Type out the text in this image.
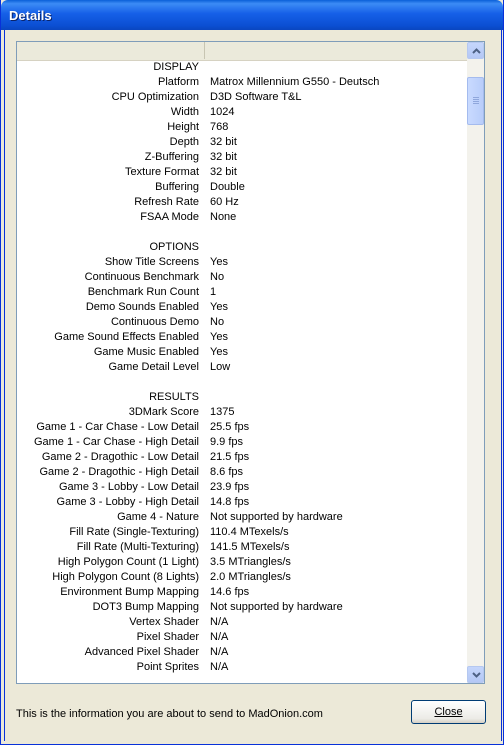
Details
DISPLAY
Platform Matrox Millennium G550 - Deutsch
CPU Optimization D3D Software T&L
Width 1024
Height 768
Depth 32 bit
Z-Buffering 32 bit
Texture Format 32 bit
Buffering Double
Refresh Rate 60 Hz
FSAA Mode None
OPTIONS
Show Title Screens Yes
Continuous Benchmark No
Benchmark Run Count 1
Demo Sounds Enabled Yes
Continuous Demo No
Game Sound Effects Enabled Yes
Game Music Enabled Yes
Game Detail Level Low
RESULTS
3DMark Score 1375
Game 1 - Car Chase - Low Detail 25.5 fps
Game 1 - Car Chase - High Detail 9.9 fps
Game 2 - Dragothic - Low Detail 21.5 fps
Game 2 - Dragothic - High Detail 8.6 fps
Game 3 - Lobby - Low Detail 23.9 fps
Game 3 - Lobby - High Detail 14.8 fps
Game 4 - Nature Not supported by hardware
Fill Rate (Single-Texturing) 110.4 MTexels/s
Fill Rate (Multi-Texturing) 141.5 MTexels/s
High Polygon Count (1 Light) 3.5 MTriangles/s
High Polygon Count (8 Lights) 2.0 MTriangles/s
Environment Bump Mapping 14.6 fps
DOT3 Bump Mapping Not supported by hardware
Vertex Shader N/A
Pixel Shader N/A
Advanced Pixel Shader N/A
Point Sprites N/A
This is the information you are about to send to MadOnion.com	Close
